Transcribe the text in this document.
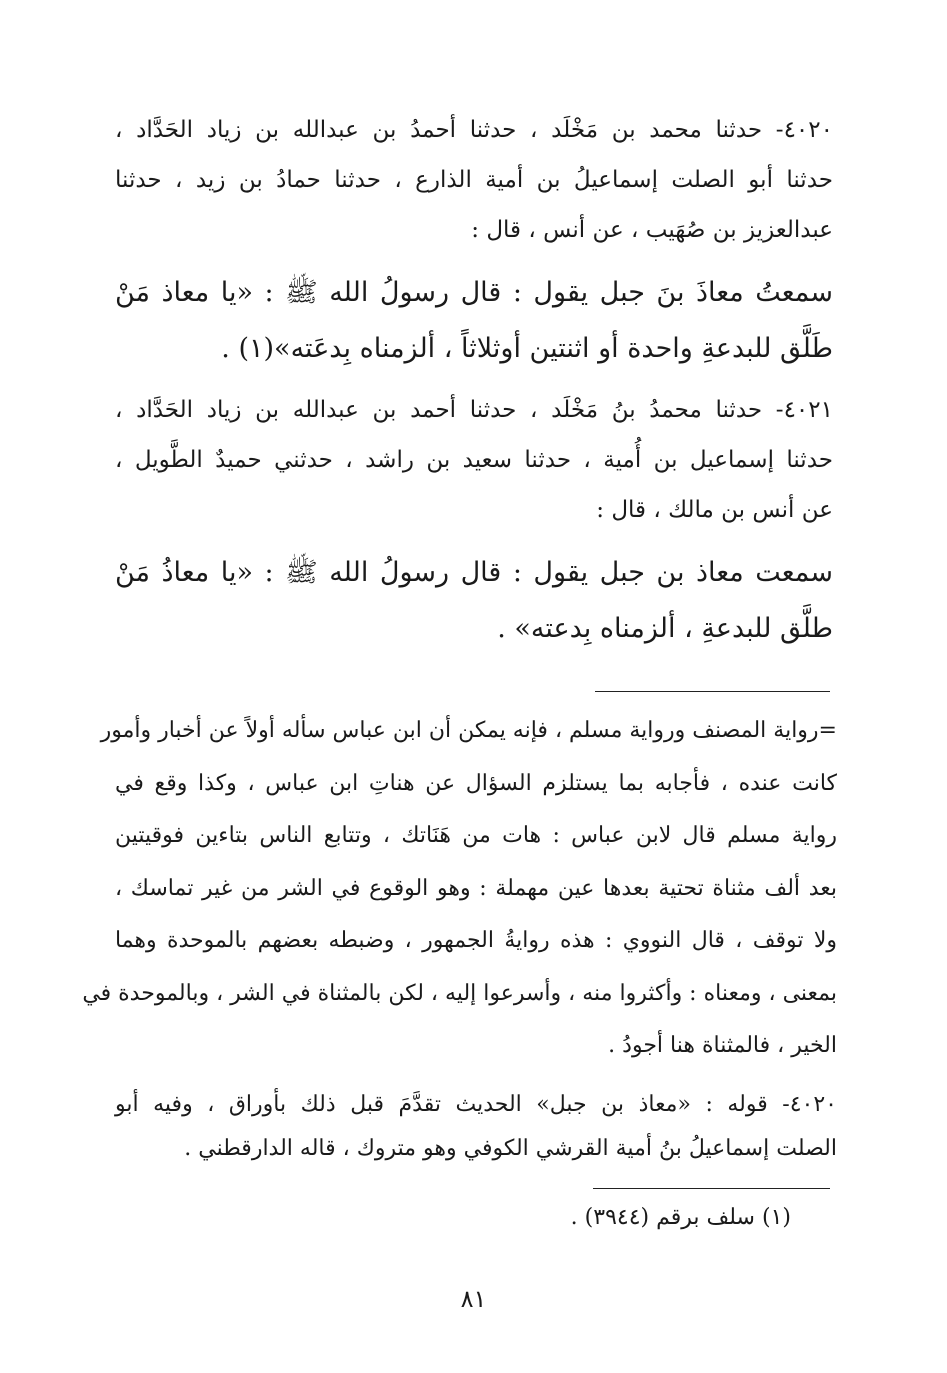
٤٠٢٠- حدثنا محمد بن مَخْلَد ، حدثنا أحمدُ بن عبدالله بن زياد الحَدَّاد ،
حدثنا أبو الصلت إسماعيلُ بن أمية الذارع ، حدثنا حمادُ بن زيد ، حدثنا
عبدالعزيز بن صُهَيب ، عن أنس ، قال :

سمعتُ معاذَ بنَ جبل يقول : قال رسولُ الله ﷺ : «يا معاذ مَنْ
طَلَّق للبدعةِ واحدة أو اثنتين أوثلاثاً ، ألزمناه بِدعَته»(١) .

٤٠٢١- حدثنا محمدُ بنُ مَخْلَد ، حدثنا أحمد بن عبدالله بن زياد الحَدَّاد ،
حدثنا إسماعيل بن أُمية ، حدثنا سعيد بن راشد ، حدثني حميدٌ الطَّويل ،
عن أنس بن مالك ، قال :

سمعت معاذ بن جبل يقول : قال رسولُ الله ﷺ : «يا معاذُ مَنْ
طلَّق للبدعةِ ، ألزمناه بِدعته» .

=رواية المصنف ورواية مسلم ، فإنه يمكن أن ابن عباس سأله أولاً عن أخبار وأمور
كانت عنده ، فأجابه بما يستلزم السؤال عن هناتِ ابن عباس ، وكذا وقع في
رواية مسلم قال لابن عباس : هات من هَنَاتك ، وتتابع الناس بتاءين فوقيتين
بعد ألف مثناة تحتية بعدها عين مهملة : وهو الوقوع في الشر من غير تماسك ،
ولا توقف ، قال النووي : هذه روايةُ الجمهور ، وضبطه بعضهم بالموحدة وهما
بمعنى ، ومعناه : وأكثروا منه ، وأسرعوا إليه ، لكن بالمثناة في الشر ، وبالموحدة في
الخير ، فالمثناة هنا أجودُ .

٤٠٢٠- قوله : «معاذ بن جبل» الحديث تقدَّمَ قبل ذلك بأوراق ، وفيه أبو
الصلت إسماعيلُ بنُ أمية القرشي الكوفي وهو متروك ، قاله الدارقطني .

(١) سلف برقم (٣٩٤٤) .
٨١
